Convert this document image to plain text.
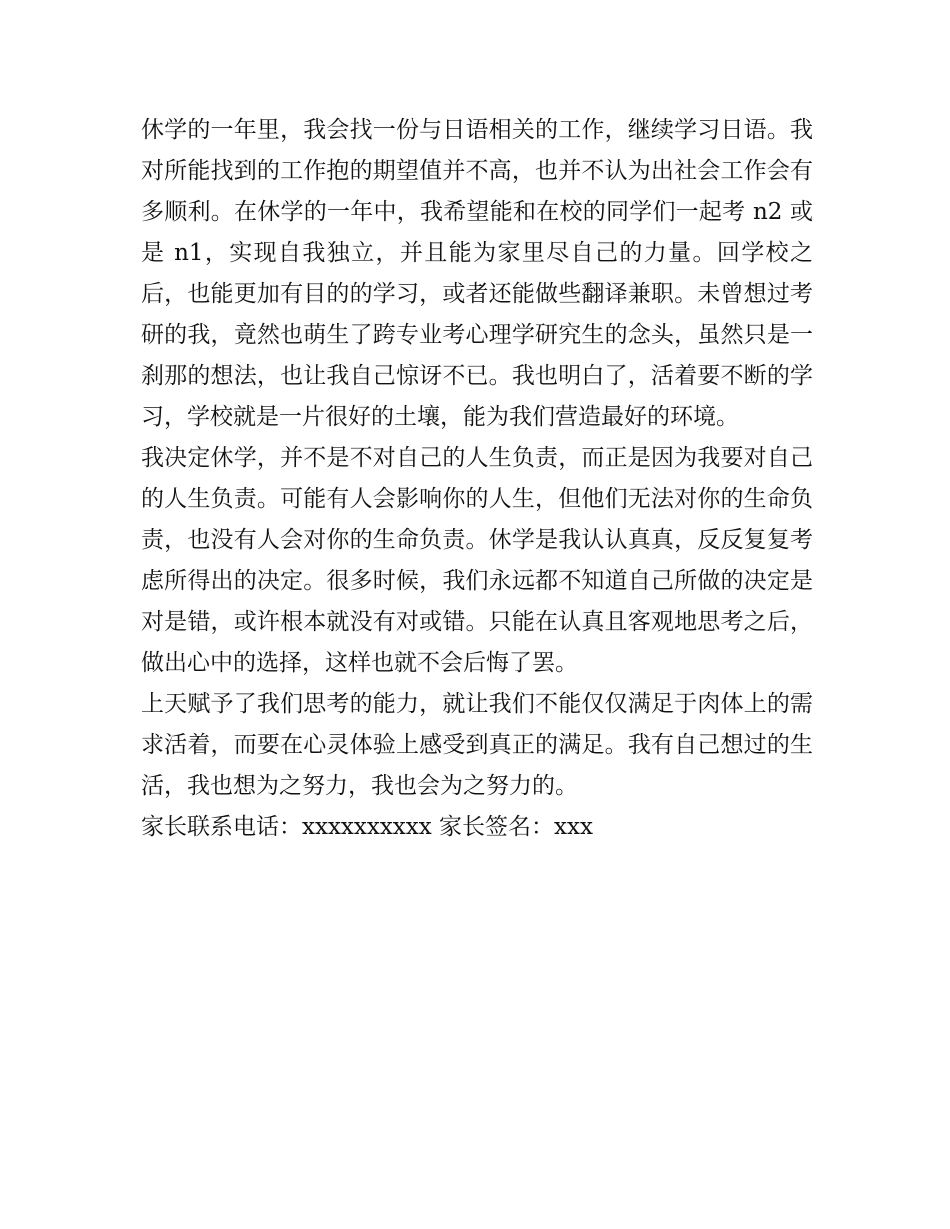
休学的一年里，我会找一份与日语相关的工作，继续学习日语。我对所能找到的工作抱的期望值并不高，也并不认为出社会工作会有多顺利。在休学的一年中，我希望能和在校的同学们一起考 n2 或是 n1，实现自我独立，并且能为家里尽自己的力量。回学校之后，也能更加有目的的学习，或者还能做些翻译兼职。未曾想过考研的我，竟然也萌生了跨专业考心理学研究生的念头，虽然只是一刹那的想法，也让我自己惊讶不已。我也明白了，活着要不断的学习，学校就是一片很好的土壤，能为我们营造最好的环境。

我决定休学，并不是不对自己的人生负责，而正是因为我要对自己的人生负责。可能有人会影响你的人生，但他们无法对你的生命负责，也没有人会对你的生命负责。休学是我认认真真，反反复复考虑所得出的决定。很多时候，我们永远都不知道自己所做的决定是对是错，或许根本就没有对或错。只能在认真且客观地思考之后，做出心中的选择，这样也就不会后悔了罢。

上天赋予了我们思考的能力，就让我们不能仅仅满足于肉体上的需求活着，而要在心灵体验上感受到真正的满足。我有自己想过的生活，我也想为之努力，我也会为之努力的。

家长联系电话：xxxxxxxxxx 家长签名：xxx
